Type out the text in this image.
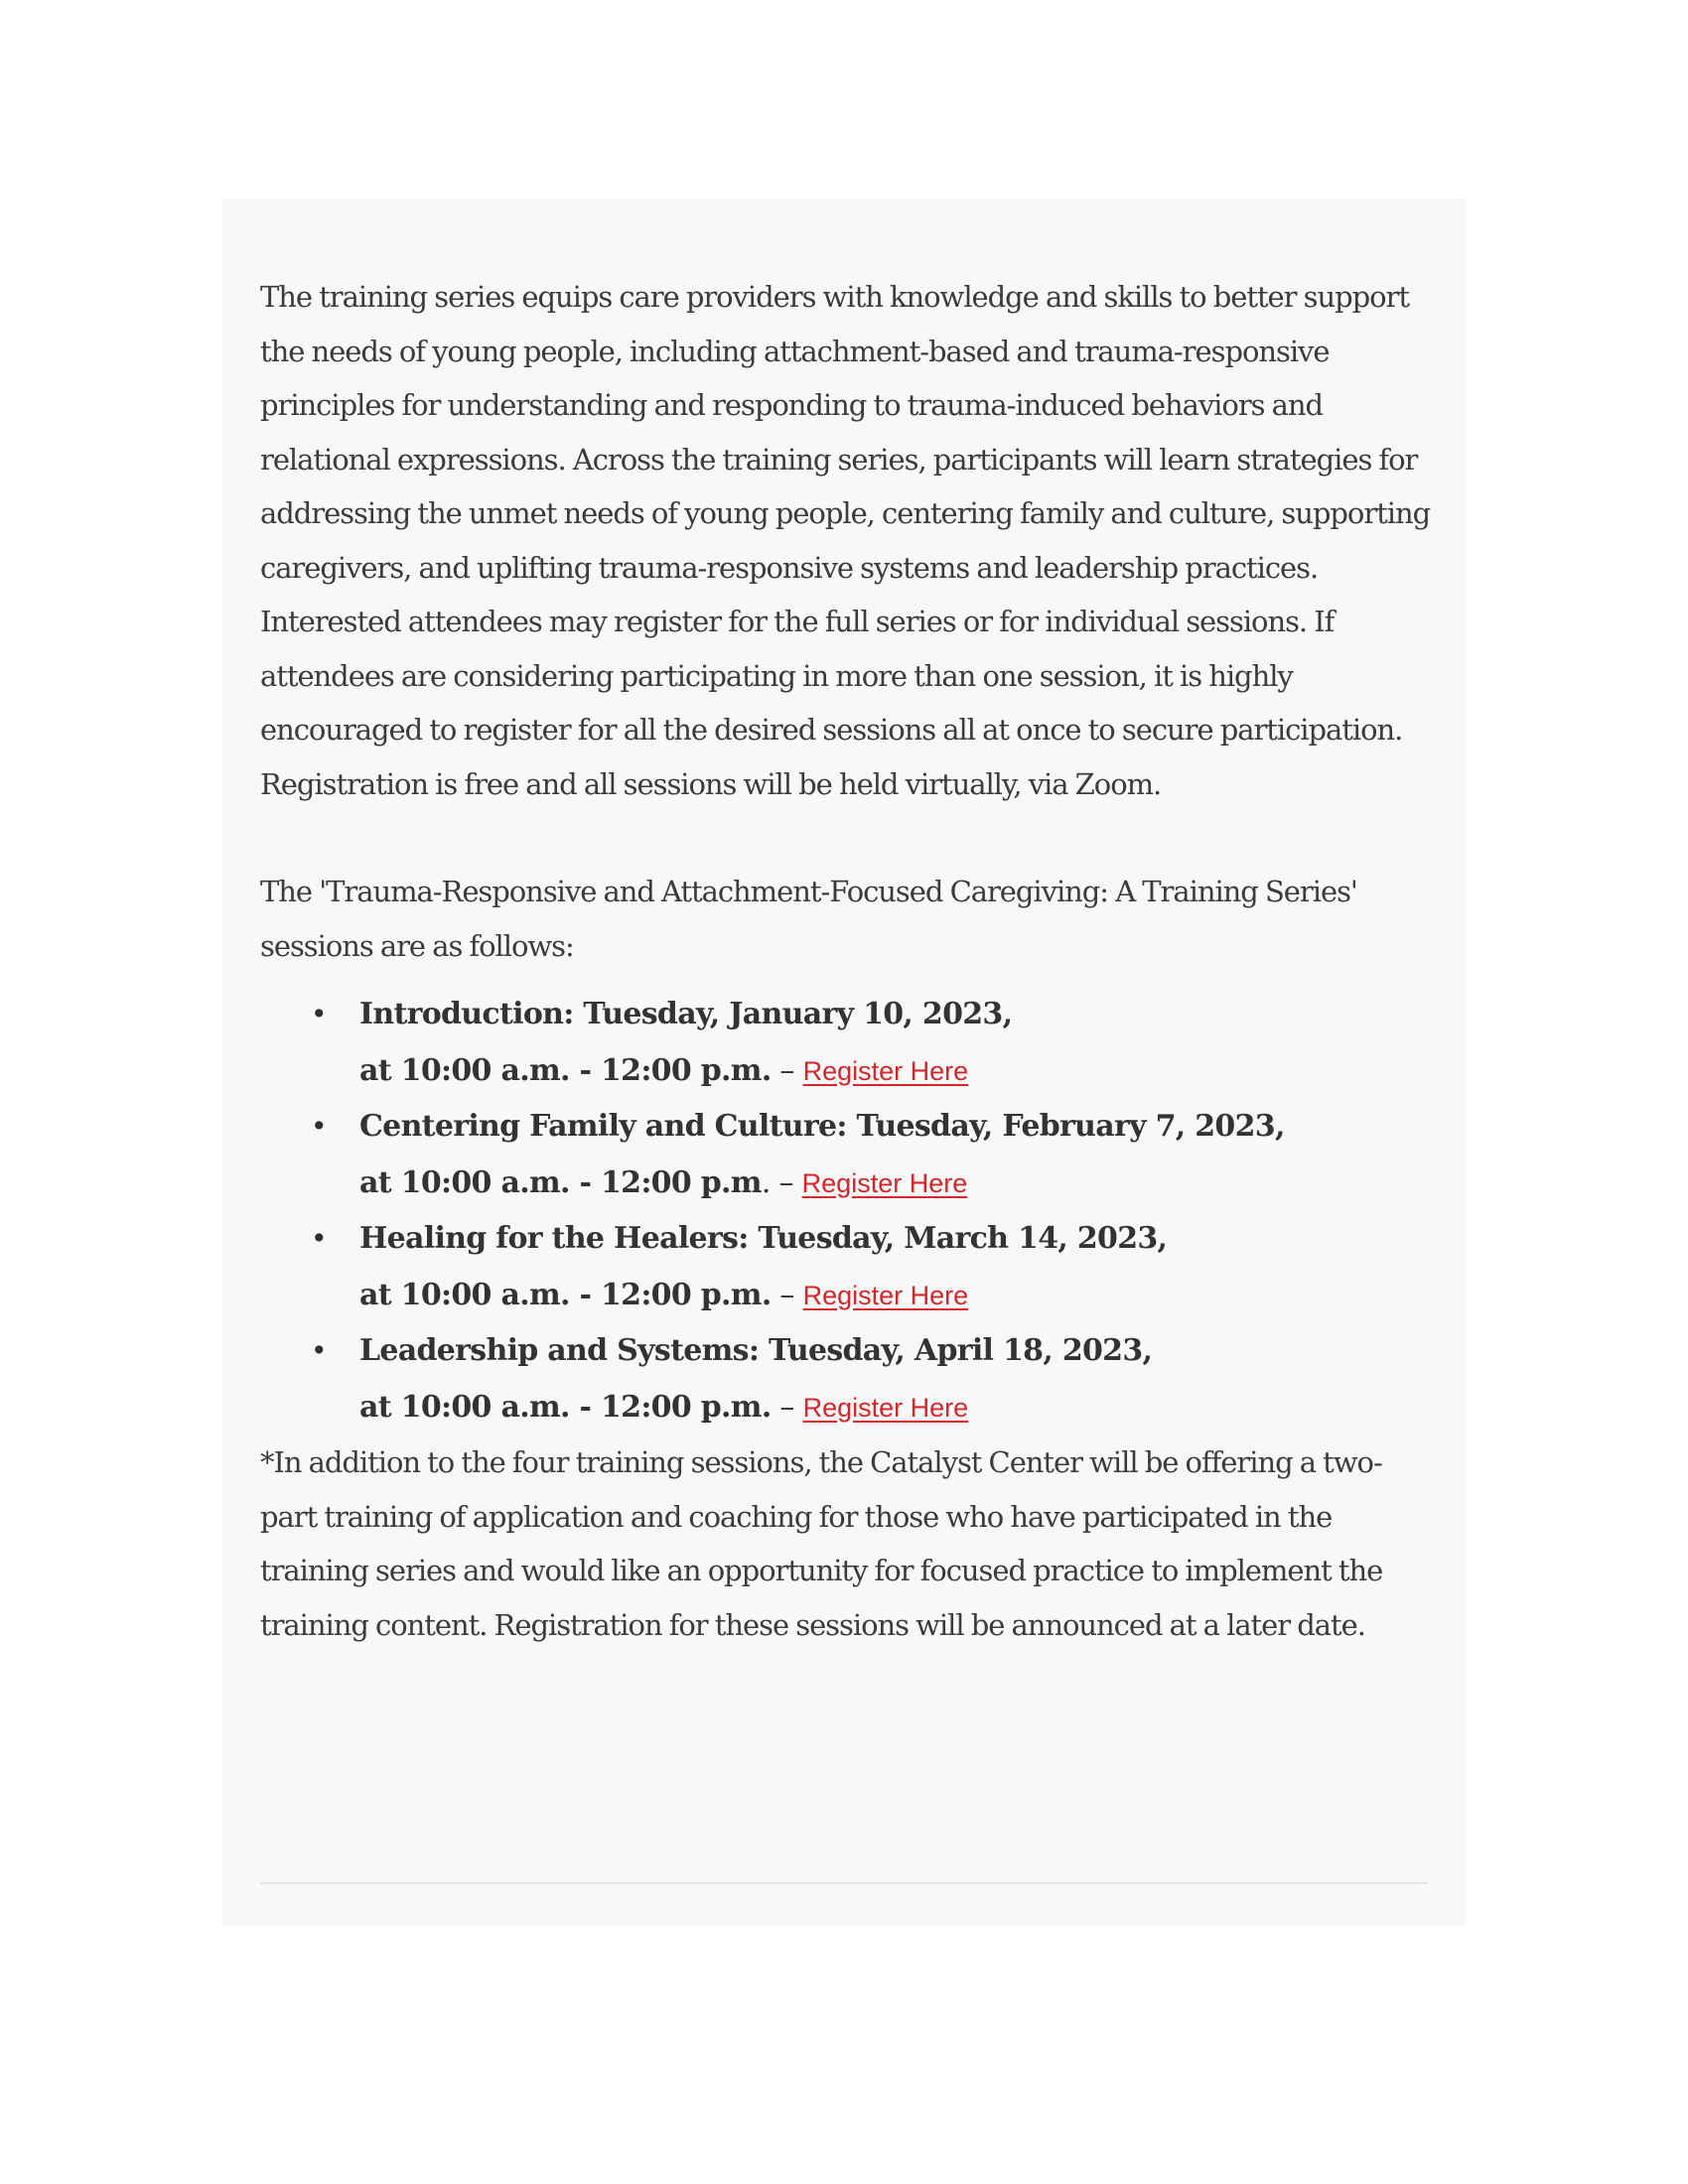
The training series equips care providers with knowledge and skills to better support the needs of young people, including attachment-based and trauma-responsive principles for understanding and responding to trauma-induced behaviors and relational expressions. Across the training series, participants will learn strategies for addressing the unmet needs of young people, centering family and culture, supporting caregivers, and uplifting trauma-responsive systems and leadership practices. Interested attendees may register for the full series or for individual sessions. If attendees are considering participating in more than one session, it is highly encouraged to register for all the desired sessions all at once to secure participation. Registration is free and all sessions will be held virtually, via Zoom.

The 'Trauma-Responsive and Attachment-Focused Caregiving: A Training Series' sessions are as follows:

• Introduction: Tuesday, January 10, 2023,
at 10:00 a.m. - 12:00 p.m. – Register Here
• Centering Family and Culture: Tuesday, February 7, 2023,
at 10:00 a.m. - 12:00 p.m. – Register Here
• Healing for the Healers: Tuesday, March 14, 2023,
at 10:00 a.m. - 12:00 p.m. – Register Here
• Leadership and Systems: Tuesday, April 18, 2023,
at 10:00 a.m. - 12:00 p.m. – Register Here

*In addition to the four training sessions, the Catalyst Center will be offering a two-part training of application and coaching for those who have participated in the training series and would like an opportunity for focused practice to implement the training content. Registration for these sessions will be announced at a later date.
